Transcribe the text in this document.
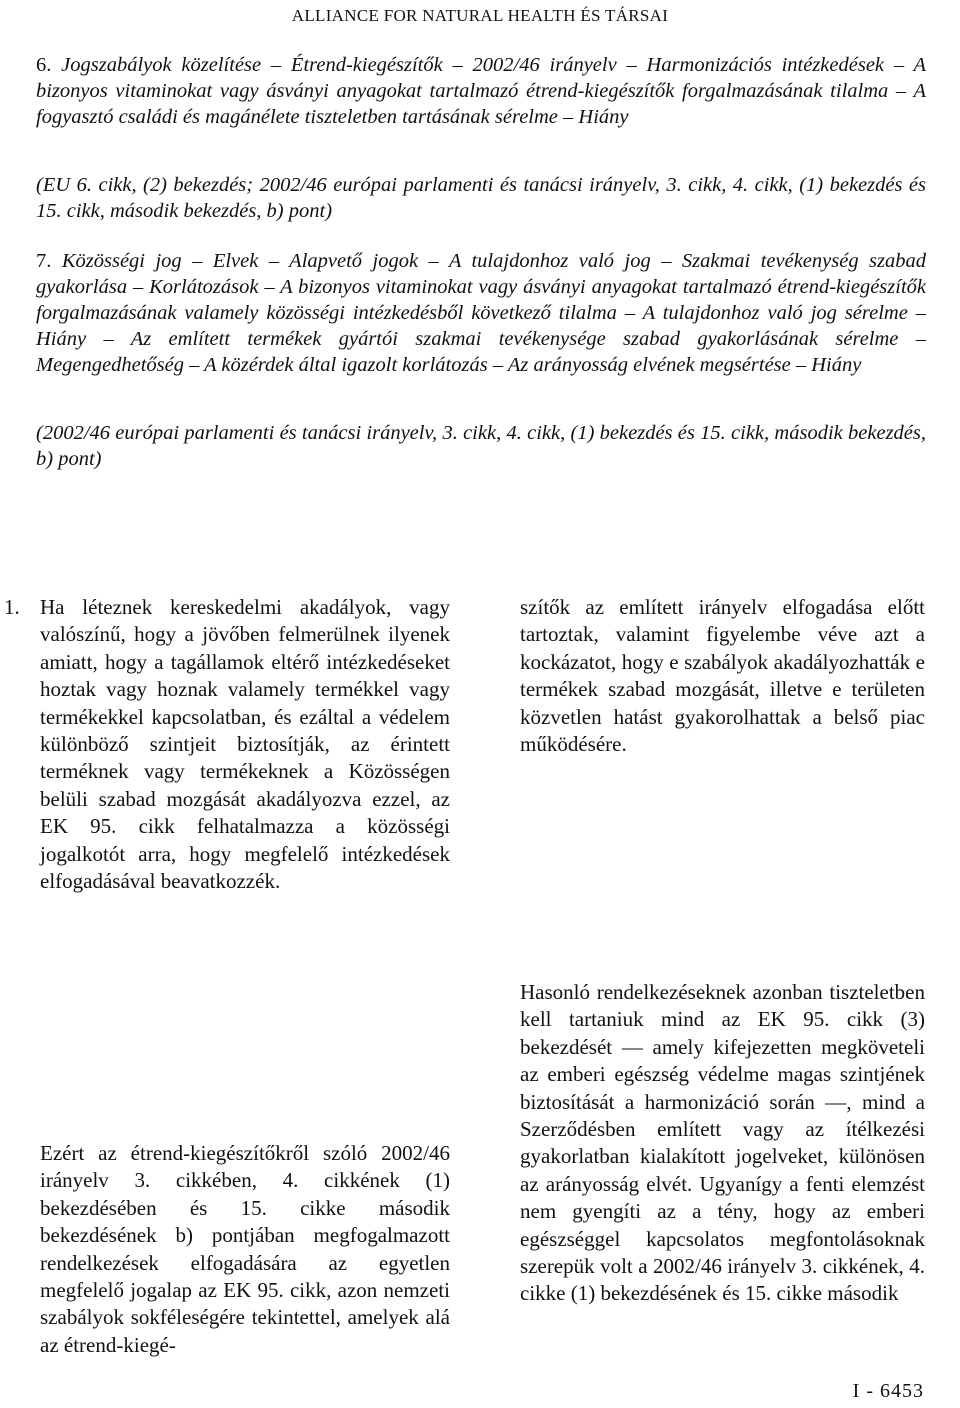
ALLIANCE FOR NATURAL HEALTH ÉS TÁRSAI
6. Jogszabályok közelítése – Étrend-kiegészítők – 2002/46 irányelv – Harmonizációs intézkedések – A bizonyos vitaminokat vagy ásványi anyagokat tartalmazó étrend-kiegészítők forgalmazásának tilalma – A fogyasztó családi és magánélete tiszteletben tartásának sérelme – Hiány
(EU 6. cikk, (2) bekezdés; 2002/46 európai parlamenti és tanácsi irányelv, 3. cikk, 4. cikk, (1) bekezdés és 15. cikk, második bekezdés, b) pont)
7. Közösségi jog – Elvek – Alapvető jogok – A tulajdonhoz való jog – Szakmai tevékenység szabad gyakorlása – Korlátozások – A bizonyos vitaminokat vagy ásványi anyagokat tartalmazó étrend-kiegészítők forgalmazásának valamely közösségi intézkedésből következő tilalma – A tulajdonhoz való jog sérelme – Hiány – Az említett termékek gyártói szakmai tevékenysége szabad gyakorlásának sérelme – Megengedhetőség – A közérdek által igazolt korlátozás – Az arányosság elvének megsértése – Hiány
(2002/46 európai parlamenti és tanácsi irányelv, 3. cikk, 4. cikk, (1) bekezdés és 15. cikk, második bekezdés, b) pont)
1. Ha léteznek kereskedelmi akadályok, vagy valószínű, hogy a jövőben felmerülnek ilyenek amiatt, hogy a tagállamok eltérő intézkedéseket hoztak vagy hoznak valamely termékkel vagy termékekkel kapcsolatban, és ezáltal a védelem különböző szintjeit biztosítják, az érintett terméknek vagy termékeknek a Közösségen belüli szabad mozgását akadályozva ezzel, az EK 95. cikk felhatalmazza a közösségi jogalkotót arra, hogy megfelelő intézkedések elfogadásával beavatkozzék.
szítők az említett irányelv elfogadása előtt tartoztak, valamint figyelembe véve azt a kockázatot, hogy e szabályok akadályozhatták e termékek szabad mozgását, illetve e területen közvetlen hatást gyakorolhattak a belső piac működésére.
Ezért az étrend-kiegészítőkről szóló 2002/46 irányelv 3. cikkében, 4. cikkének (1) bekezdésében és 15. cikke második bekezdésének b) pontjában megfogalmazott rendelkezések elfogadására az egyetlen megfelelő jogalap az EK 95. cikk, azon nemzeti szabályok sokféleségére tekintettel, amelyek alá az étrend-kiegé-
Hasonló rendelkezéseknek azonban tiszteletben kell tartaniuk mind az EK 95. cikk (3) bekezdését — amely kifejezetten megköveteli az emberi egészség védelme magas szintjének biztosítását a harmonizáció során —, mind a Szerződésben említett vagy az ítélkezési gyakorlatban kialakított jogelveket, különösen az arányosság elvét. Ugyanígy a fenti elemzést nem gyengíti az a tény, hogy az emberi egészséggel kapcsolatos megfontolásoknak szerepük volt a 2002/46 irányelv 3. cikkének, 4. cikke (1) bekezdésének és 15. cikke második
I - 6453
